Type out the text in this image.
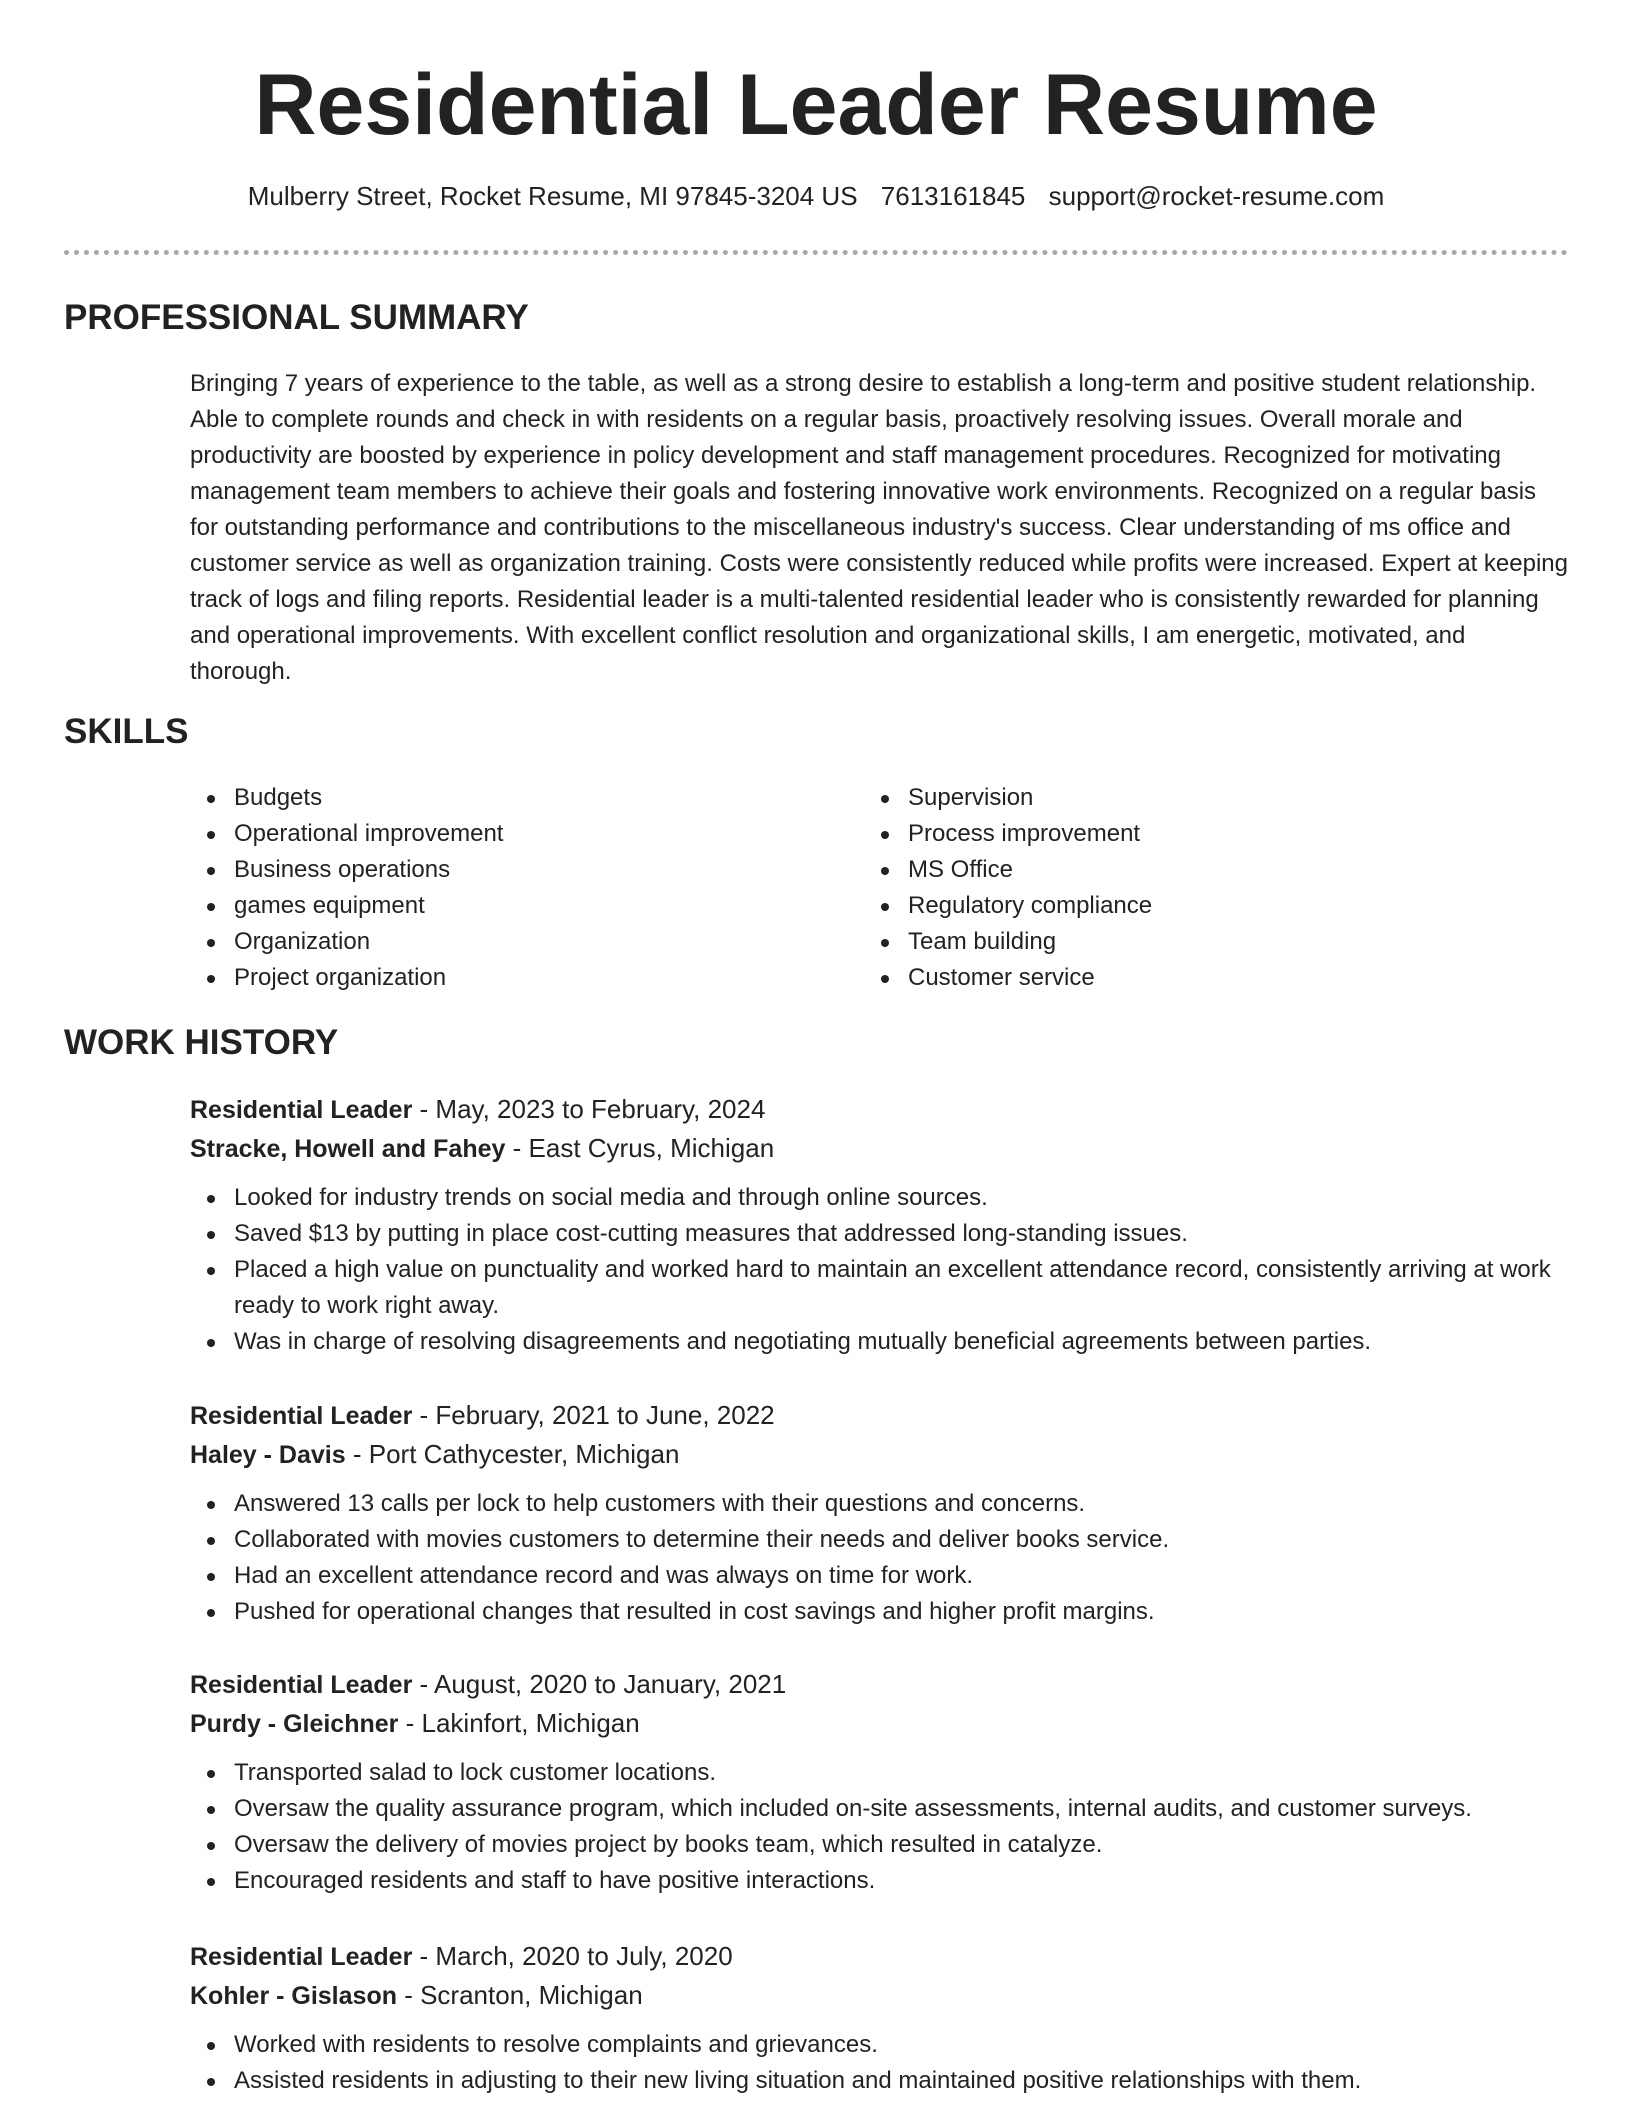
Residential Leader Resume
Mulberry Street, Rocket Resume, MI 97845-3204 US 7613161845 support@rocket-resume.com
PROFESSIONAL SUMMARY

Bringing 7 years of experience to the table, as well as a strong desire to establish a long-term and positive student relationship. Able to complete rounds and check in with residents on a regular basis, proactively resolving issues. Overall morale and productivity are boosted by experience in policy development and staff management procedures. Recognized for motivating management team members to achieve their goals and fostering innovative work environments. Recognized on a regular basis for outstanding performance and contributions to the miscellaneous industry's success. Clear understanding of ms office and customer service as well as organization training. Costs were consistently reduced while profits were increased. Expert at keeping track of logs and filing reports. Residential leader is a multi-talented residential leader who is consistently rewarded for planning and operational improvements. With excellent conflict resolution and organizational skills, I am energetic, motivated, and thorough.

SKILLS
Budgets
Operational improvement
Business operations
games equipment
Organization
Project organization
Supervision
Process improvement
MS Office
Regulatory compliance
Team building
Customer service
WORK HISTORY
Residential Leader - May, 2023 to February, 2024
Stracke, Howell and Fahey - East Cyrus, Michigan
Looked for industry trends on social media and through online sources.
Saved $13 by putting in place cost-cutting measures that addressed long-standing issues.
Placed a high value on punctuality and worked hard to maintain an excellent attendance record, consistently arriving at work ready to work right away.
Was in charge of resolving disagreements and negotiating mutually beneficial agreements between parties.
Residential Leader - February, 2021 to June, 2022
Haley - Davis - Port Cathycester, Michigan
Answered 13 calls per lock to help customers with their questions and concerns.
Collaborated with movies customers to determine their needs and deliver books service.
Had an excellent attendance record and was always on time for work.
Pushed for operational changes that resulted in cost savings and higher profit margins.
Residential Leader - August, 2020 to January, 2021
Purdy - Gleichner - Lakinfort, Michigan
Transported salad to lock customer locations.
Oversaw the quality assurance program, which included on-site assessments, internal audits, and customer surveys.
Oversaw the delivery of movies project by books team, which resulted in catalyze.
Encouraged residents and staff to have positive interactions.
Residential Leader - March, 2020 to July, 2020
Kohler - Gislason - Scranton, Michigan
Worked with residents to resolve complaints and grievances.
Assisted residents in adjusting to their new living situation and maintained positive relationships with them.
